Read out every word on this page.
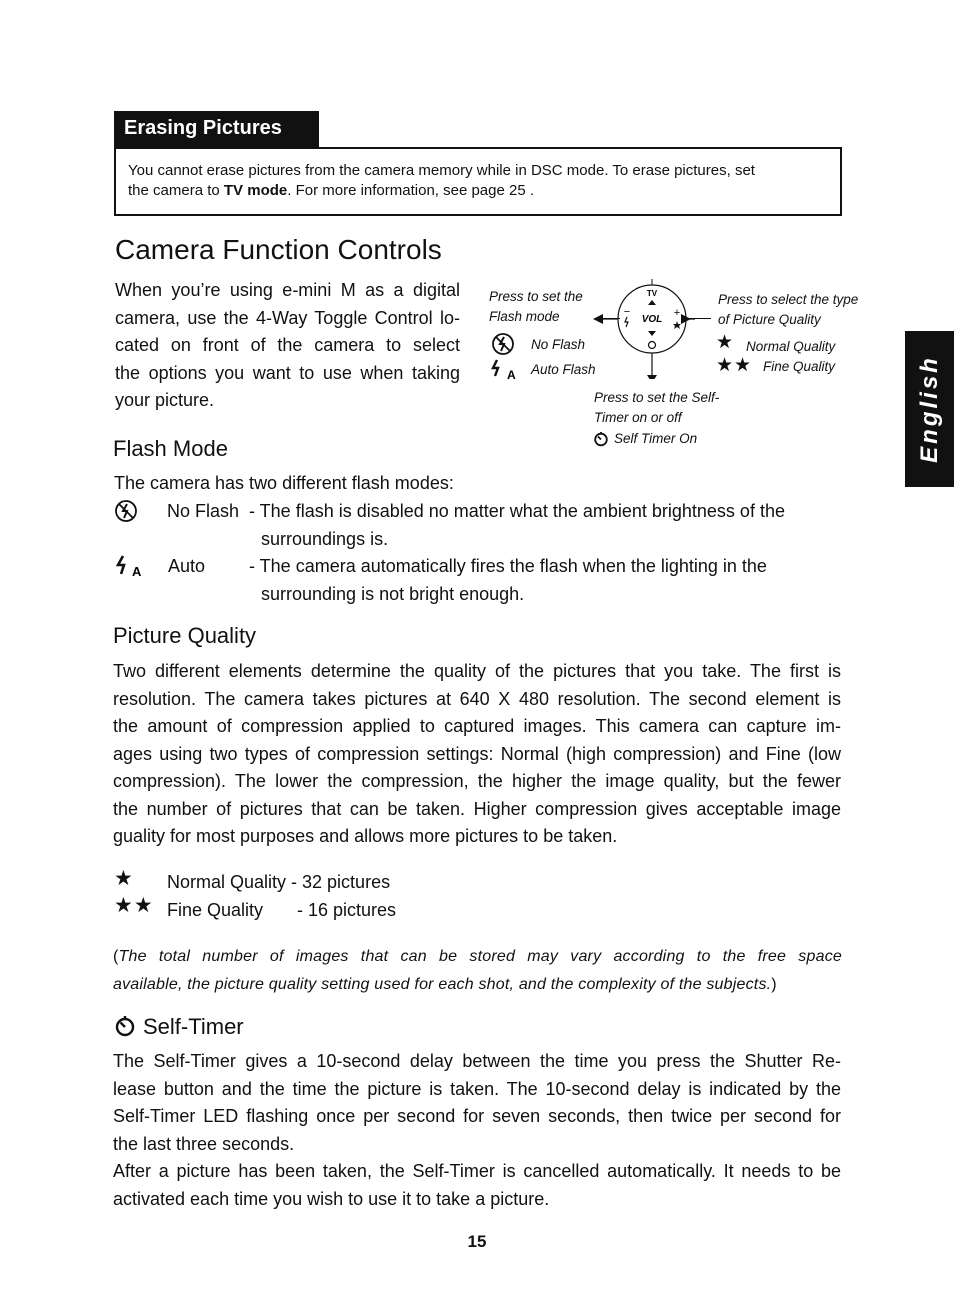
Erasing Pictures
You cannot erase pictures from the camera memory while in DSC mode. To erase pictures, set
the camera to TV mode. For more information, see page 25 .
Camera Function Controls
When you’re using e-mini M as a digital
camera, use the 4-Way Toggle Control lo-
cated on front of the camera to select
the options you want to use when taking
your picture.
TV
VOL
−	+
Press to set the
Flash mode
No Flash
A Auto Flash
Press to select the type
of Picture Quality
★ Normal Quality
★★ Fine Quality
Press to set the Self-
Timer on or off
Self Timer On
Flash Mode
The camera has two different flash modes:
No Flash - The flash is disabled no matter what the ambient brightness of the
surroundings is.
A Auto - The camera automatically fires the flash when the lighting in the
surrounding is not bright enough.
Picture Quality
Two different elements determine the quality of the pictures that you take. The first is
resolution. The camera takes pictures at 640 X 480 resolution. The second element is
the amount of compression applied to captured images. This camera can capture im-
ages using two types of compression settings: Normal (high compression) and Fine (low
compression). The lower the compression, the higher the image quality, but the fewer
the number of pictures that can be taken. Higher compression gives acceptable image
guality for most purposes and allows more pictures to be taken.
★ Normal Quality - 32 pictures
★★ Fine Quality - 16 pictures
(The total number of images that can be stored may vary according to the free space
available, the picture quality setting used for each shot, and the complexity of the subjects.)
Self-Timer
The Self-Timer gives a 10-second delay between the time you press the Shutter Re-
lease button and the time the picture is taken. The 10-second delay is indicated by the
Self-Timer LED flashing once per second for seven seconds, then twice per second for
the last three seconds.
After a picture has been taken, the Self-Timer is cancelled automatically. It needs to be
activated each time you wish to use it to take a picture.
English
15
